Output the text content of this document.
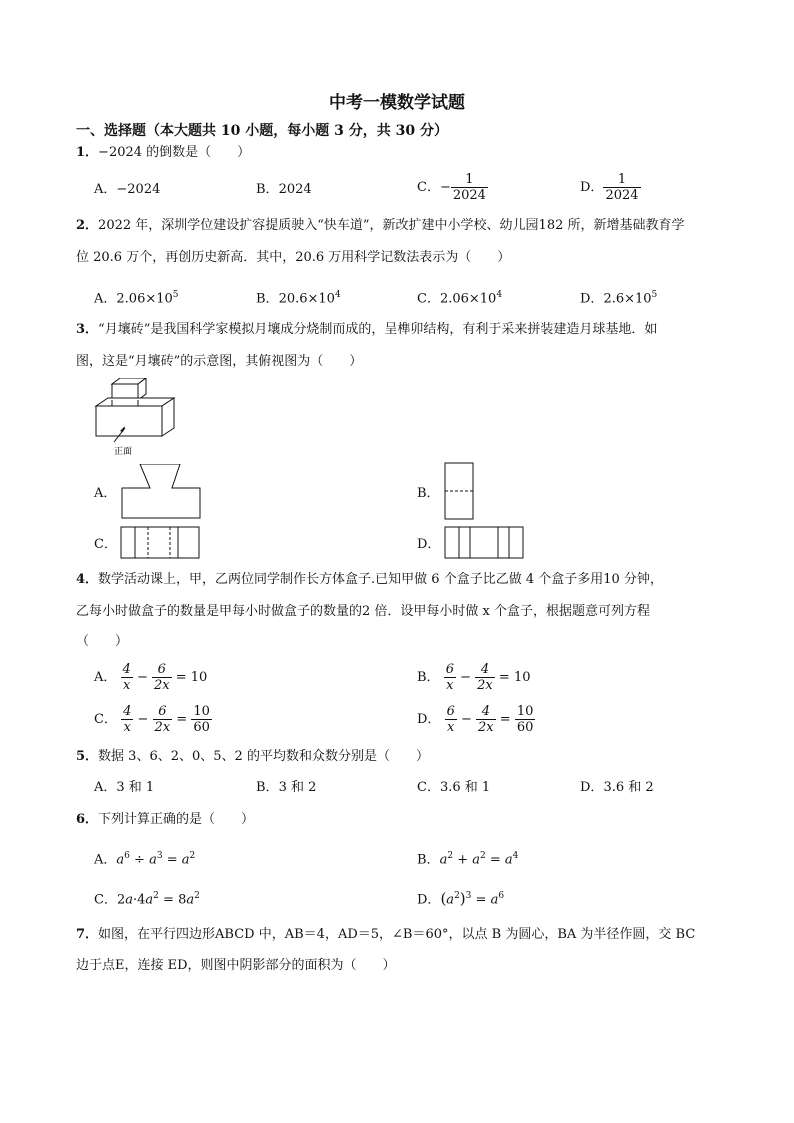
中考一模数学试题
一、选择题（本大题共 10 小题，每小题 3 分，共 30 分）
1．−2024 的倒数是（　　）
A．−2024	B．2024	C．− $\frac{1}{2024}$	D． $\frac{1}{2024}$
2．2022 年，深圳学位建设扩容提质驶入“快车道”，新改扩建中小学校、幼儿园182 所，新增基础教育学
位 20.6 万个，再创历史新高．其中，20.6 万用科学记数法表示为（　　）
A．$2.06\times 10^5$	B．$20.6\times 10^4$	C．$2.06\times 10^4$	D．$2.6\times 10^5$
3．“月壤砖”是我国科学家模拟月壤成分烧制而成的，呈榫卯结构，有利于采来拼装建造月球基地．如
图，这是“月壤砖”的示意图，其俯视图为（　　）
正面
A．	B．
C．	D．
4．数学活动课上，甲，乙两位同学制作长方体盒子.已知甲做 6 个盒子比乙做 4 个盒子多用10 分钟，
乙每小时做盒子的数量是甲每小时做盒子的数量的2 倍．设甲每小时做 x 个盒子，根据题意可列方程
（　　）
A． $\frac{4}{x} - \frac{6}{2x} = 10$	B． $\frac{6}{x} - \frac{4}{2x} = 10$
C． $\frac{4}{x} - \frac{6}{2x} = \frac{10}{60}$	D． $\frac{6}{x} - \frac{4}{2x} = \frac{10}{60}$
5．数据 3、6、2、0、5、2 的平均数和众数分别是（　　）
A．3 和 1	B．3 和 2	C．3.6 和 1	D．3.6 和 2
6．下列计算正确的是（　　）
A．$a^6 \div a^3 = a^2$	B．$a^2 + a^2 = a^4$
C．$2a\cdot 4a^2 = 8a^2$	D．$(a^2)^3 = a^6$
7．如图，在平行四边形ABCD 中，AB＝4，AD＝5，∠B＝60°，以点 B 为圆心，BA 为半径作圆，交 BC
边于点E，连接 ED，则图中阴影部分的面积为（　　）
